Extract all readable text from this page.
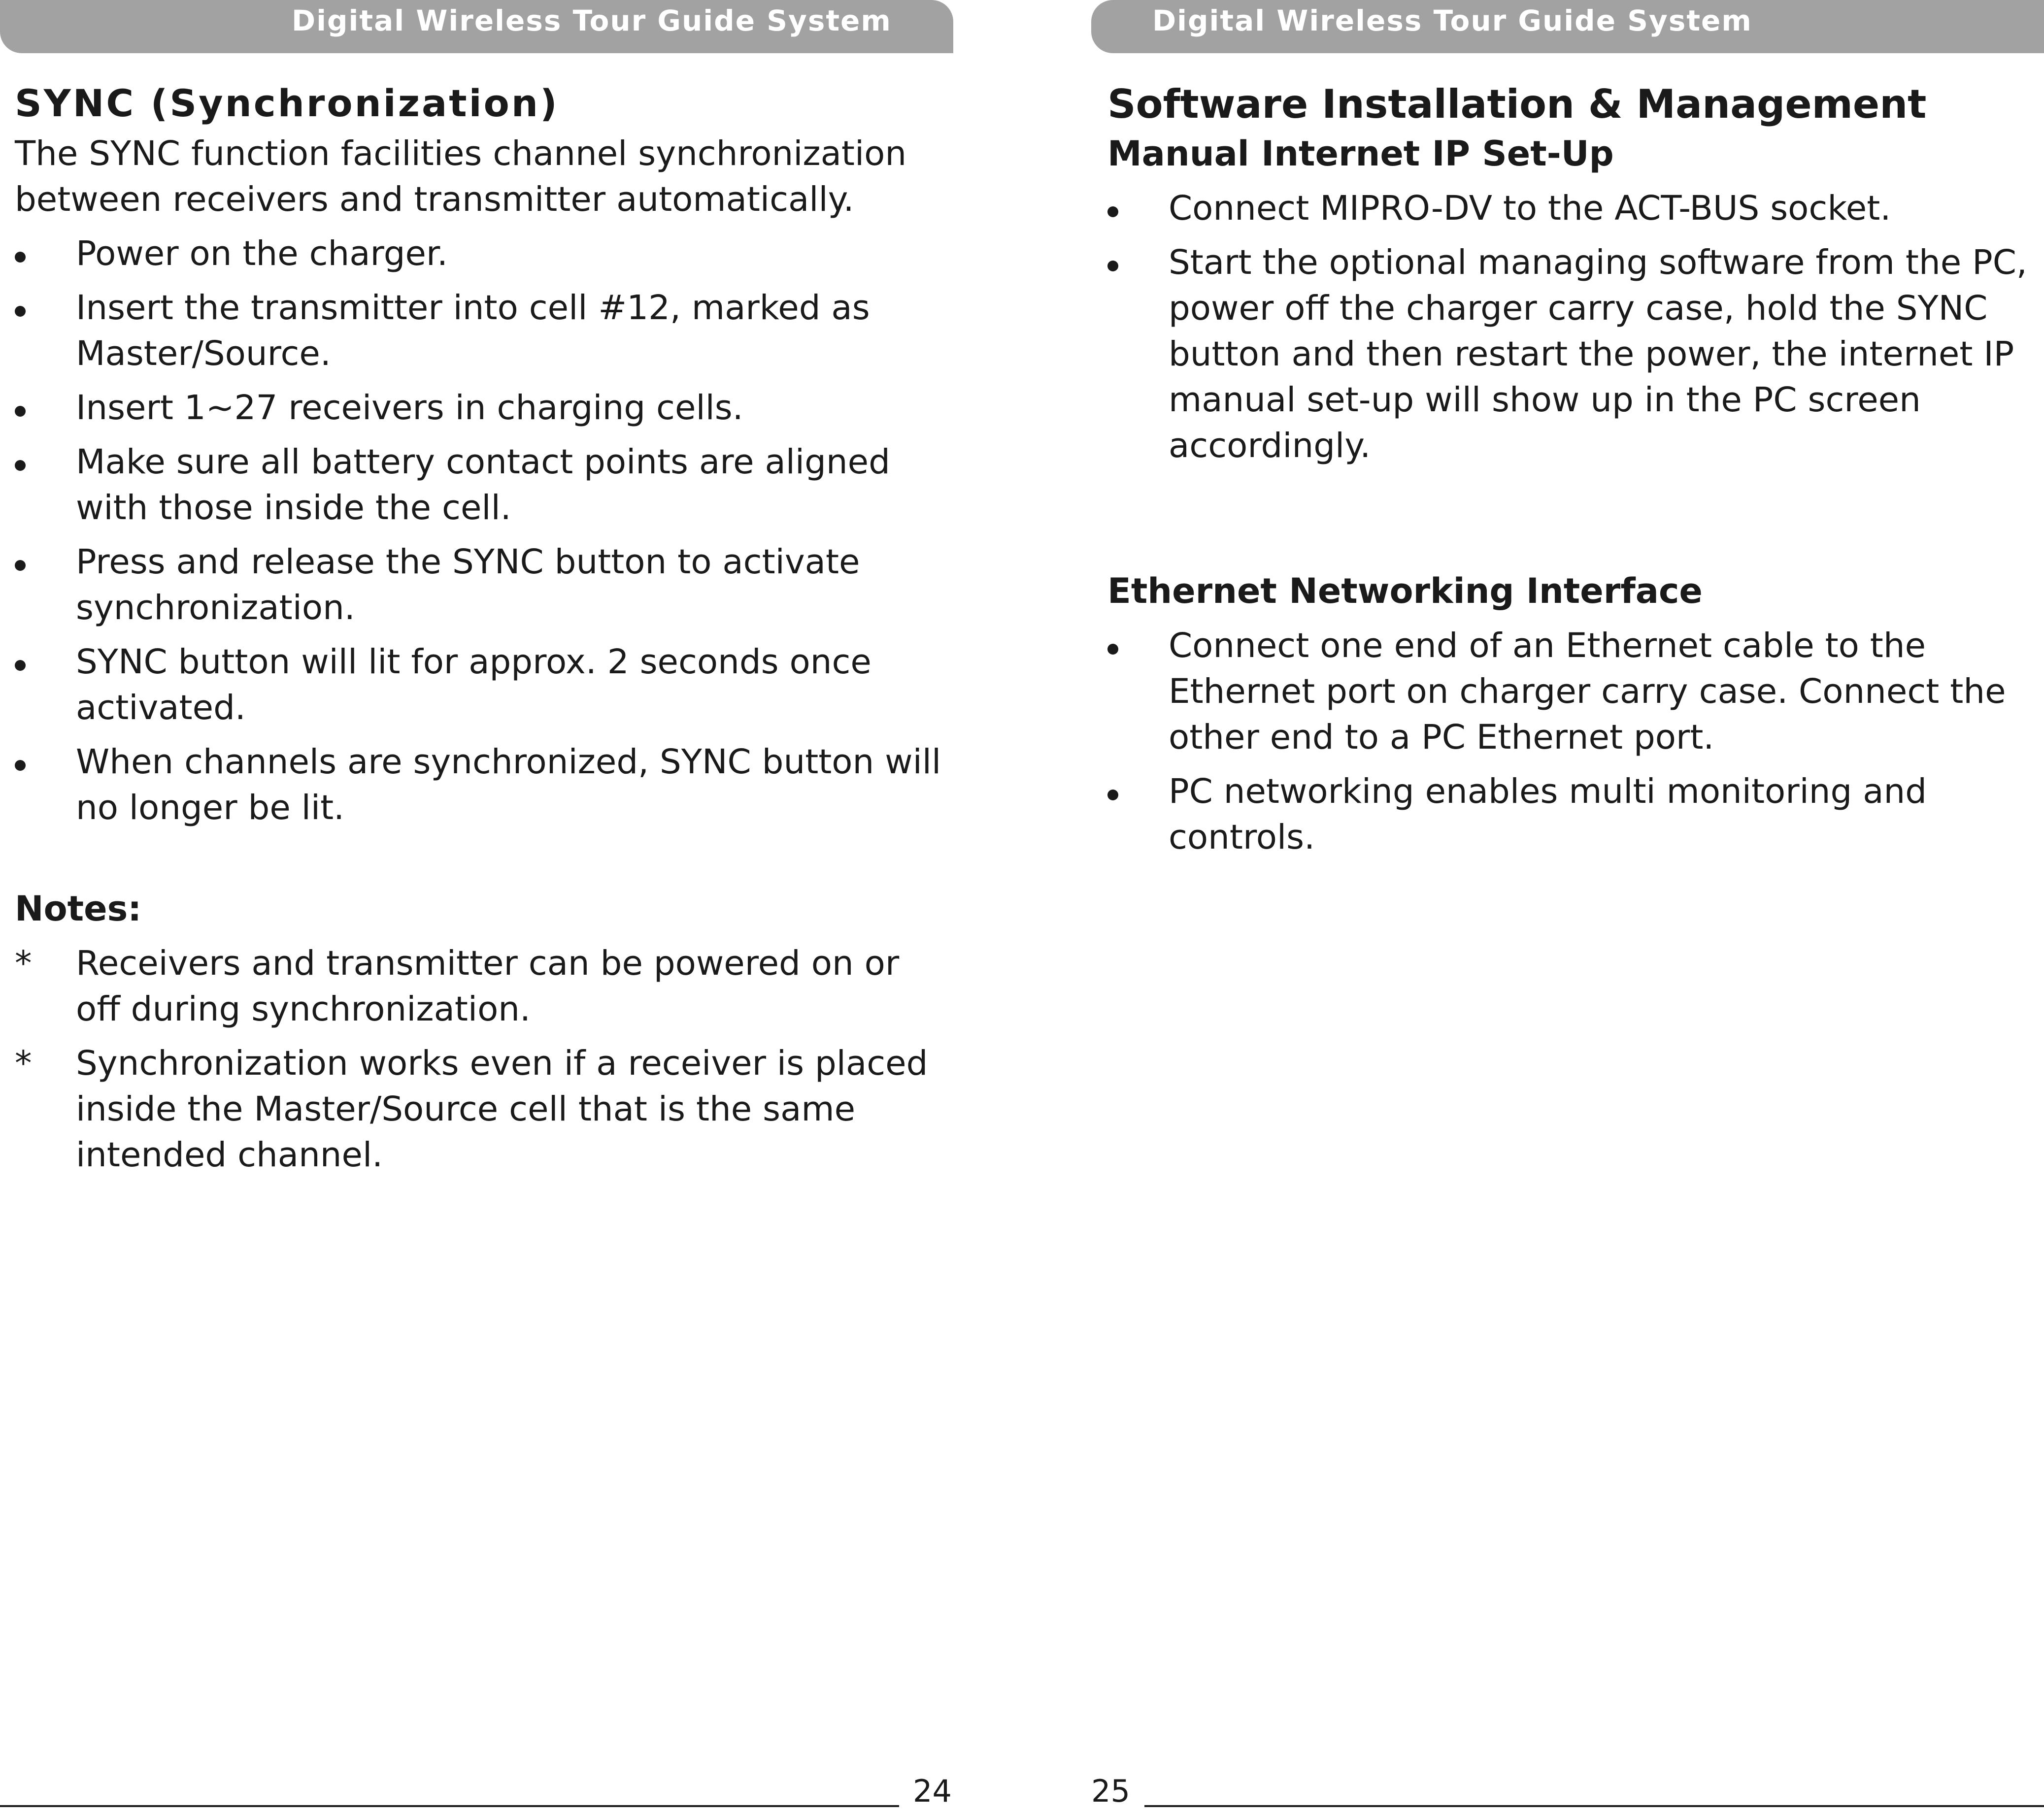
Digital Wireless Tour Guide System
SYNC (Synchronization)

The SYNC function facilities channel synchronization between receivers and transmitter automatically.

Power on the charger.
Insert the transmitter into cell #12, marked as Master/Source.
Insert 1~27 receivers in charging cells.
Make sure all battery contact points are aligned with those inside the cell.
Press and release the SYNC button to activate synchronization.
SYNC button will lit for approx. 2 seconds once activated.
When channels are synchronized, SYNC button will no longer be lit.
Notes:
* Receivers and transmitter can be powered on or off during synchronization.
* Synchronization works even if a receiver is placed inside the Master/Source cell that is the same intended channel.
24
Digital Wireless Tour Guide System
Software Installation & Management
Manual Internet IP Set-Up
Connect MIPRO-DV to the ACT-BUS socket.
Start the optional managing software from the PC, power off the charger carry case, hold the SYNC button and then restart the power, the internet IP manual set-up will show up in the PC screen accordingly.
Ethernet Networking Interface
Connect one end of an Ethernet cable to the Ethernet port on charger carry case. Connect the other end to a PC Ethernet port.
PC networking enables multi monitoring and controls.
25
